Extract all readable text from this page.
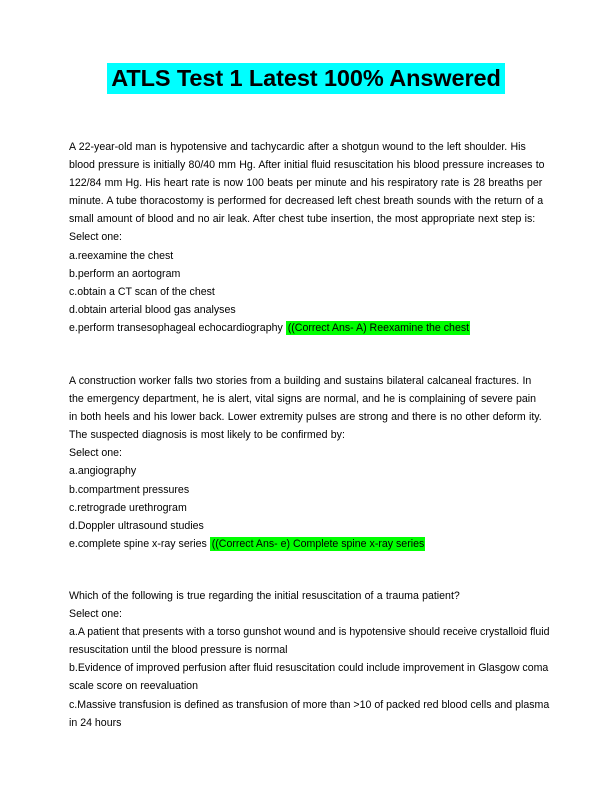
ATLS Test 1 Latest 100% Answered

A 22-year-old man is hypotensive and tachycardic after a shotgun wound to the left shoulder. His blood pressure is initially 80/40 mm Hg. After initial fluid resuscitation his blood pressure increases to 122/84 mm Hg. His heart rate is now 100 beats per minute and his respiratory rate is 28 breaths per minute. A tube thoracostomy is performed for decreased left chest breath sounds with the return of a small amount of blood and no air leak. After chest tube insertion, the most appropriate next step is:

Select one:

a.reexamine the chest
b.perform an aortogram
c.obtain a CT scan of the chest
d.obtain arterial blood gas analyses
e.perform transesophageal echocardiography ((Correct Ans- A) Reexamine the chest

A construction worker falls two stories from a building and sustains bilateral calcaneal fractures. In the emergency department, he is alert, vital signs are normal, and he is complaining of severe pain in both heels and his lower back. Lower extremity pulses are strong and there is no other deform ity. The suspected diagnosis is most likely to be confirmed by:

Select one:

a.angiography
b.compartment pressures
c.retrograde urethrogram
d.Doppler ultrasound studies
e.complete spine x-ray series ((Correct Ans- e) Complete spine x-ray series

Which of the following is true regarding the initial resuscitation of a trauma patient?

Select one:

a.A patient that presents with a torso gunshot wound and is hypotensive should receive crystalloid fluid resuscitation until the blood pressure is normal
b.Evidence of improved perfusion after fluid resuscitation could include improvement in Glasgow coma scale score on reevaluation
c.Massive transfusion is defined as transfusion of more than >10 of packed red blood cells and plasma in 24 hours
